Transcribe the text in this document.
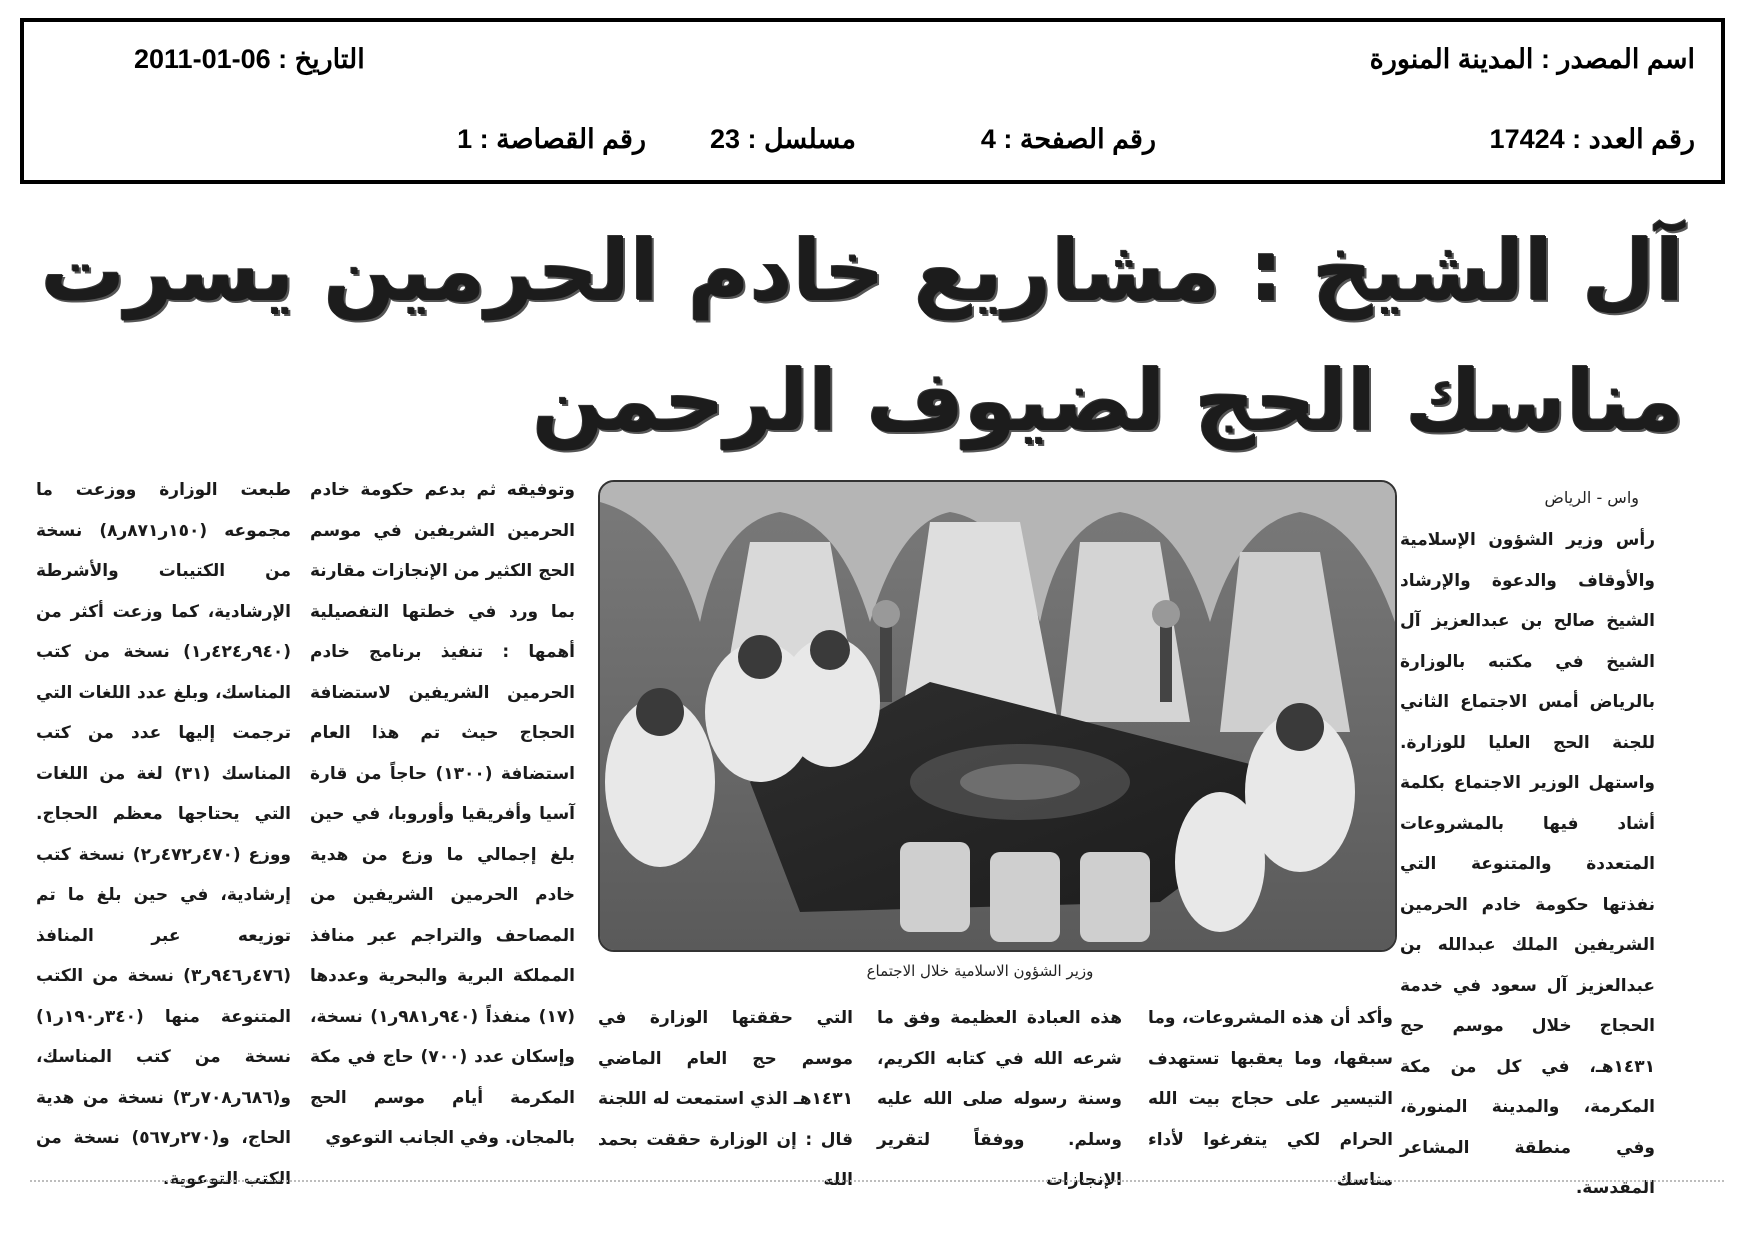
اسم المصدر : المدينة المنورة
التاريخ : 06-01-2011
رقم العدد : 17424
رقم الصفحة : 4
مسلسل : 23
رقم القصاصة : 1
آل الشيخ : مشاريع خادم الحرمين يسرت
مناسك الحج لضيوف الرحمن
واس - الرياض
وزير الشؤون الاسلامية خلال الاجتماع

رأس وزير الشؤون الإسلامية والأوقاف والدعوة والإرشاد الشيخ صالح بن عبدالعزيز آل الشيخ في مكتبه بالوزارة بالرياض أمس الاجتماع الثاني للجنة الحج العليا للوزارة. واستهل الوزير الاجتماع بكلمة أشاد فيها بالمشروعات المتعددة والمتنوعة التي نفذتها حكومة خادم الحرمين الشريفين الملك عبدالله بن عبدالعزيز آل سعود في خدمة الحجاج خلال موسم حج ١٤٣١هـ، في كل من مكة المكرمة، والمدينة المنورة، وفي منطقة المشاعر المقدسة.

وأكد أن هذه المشروعات، وما سبقها، وما يعقبها تستهدف التيسير على حجاج بيت الله الحرام لكي يتفرغوا لأداء مناسك

هذه العبادة العظيمة وفق ما شرعه الله في كتابه الكريم، وسنة رسوله صلى الله عليه وسلم. ووفقاً لتقرير الإنجازات

التي حققتها الوزارة في موسم حج العام الماضي ١٤٣١هـ الذي استمعت له اللجنة قال : إن الوزارة حققت بحمد الله

وتوفيقه ثم بدعم حكومة خادم الحرمين الشريفين في موسم الحج الكثير من الإنجازات مقارنة بما ورد في خطتها التفصيلية أهمها : تنفيذ برنامج خادم الحرمين الشريفين لاستضافة الحجاج حيث تم هذا العام استضافة (١٣٠٠) حاجاً من قارة آسيا وأفريقيا وأوروبا، في حين بلغ إجمالي ما وزع من هدية خادم الحرمين الشريفين من المصاحف والتراجم عبر منافذ المملكة البرية والبحرية وعددها (١٧) منفذاً (٩٤٠ر٩٨١ر١) نسخة، وإسكان عدد (٧٠٠) حاج في مكة المكرمة أيام موسم الحج بالمجان. وفي الجانب التوعوي

طبعت الوزارة ووزعت ما مجموعه (١٥٠ر٨٧١ر٨) نسخة من الكتيبات والأشرطة الإرشادية، كما وزعت أكثر من (٩٤٠ر٤٢٤ر١) نسخة من كتب المناسك، وبلغ عدد اللغات التي ترجمت إليها عدد من كتب المناسك (٣١) لغة من اللغات التي يحتاجها معظم الحجاج. ووزع (٤٧٠ر٤٧٢ر٢) نسخة كتب إرشادية، في حين بلغ ما تم توزيعه عبر المنافذ (٤٧٦ر٩٤٦ر٣) نسخة من الكتب المتنوعة منها (٣٤٠ر١٩٠ر١) نسخة من كتب المناسك، و(٦٨٦ر٧٠٨ر٣) نسخة من هدية الحاج، و(٢٧٠ر٥٦٧) نسخة من الكتب التوعوية.
